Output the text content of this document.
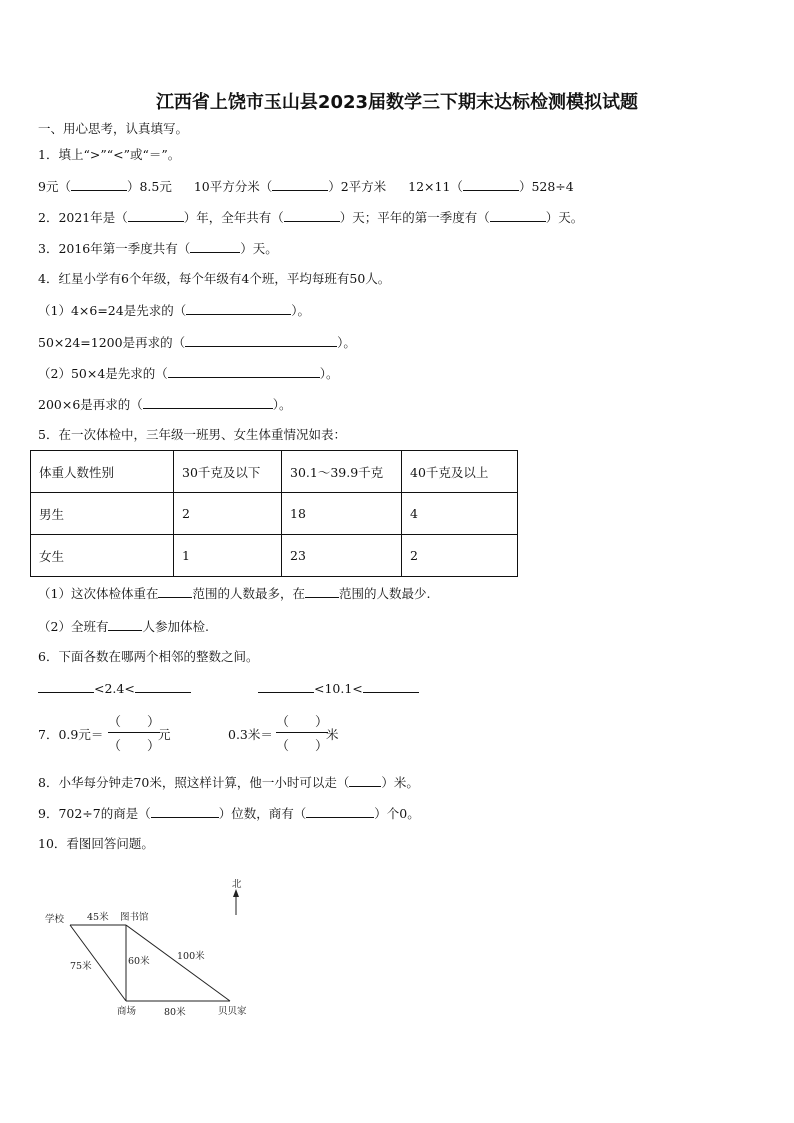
江西省上饶市玉山县2023届数学三下期末达标检测模拟试题
一、用心思考，认真填写。
1．填上“>”“<”或“＝”。
9元（	）8.5元 10平方分米（	）2平方米 12×11（	）528÷4
2．2021年是（	）年，全年共有（	）天；平年的第一季度有（	）天。
3．2016年第一季度共有（	）天。
4．红星小学有6个年级，每个年级有4个班，平均每班有50人。
（1）4×6=24是先求的（	）。
50×24=1200是再求的（	）。
（2）50×4是先求的（	）。
200×6是再求的（	）。
5．在一次体检中，三年级一班男、女生体重情况如表：
体重人数性别	30千克及以下	30.1～39.9千克	40千克及以上
男生	2	18	4
女生	1	23	2
（1）这次体检体重在	范围的人数最多，在	范围的人数最少.
（2）全班有	人参加体检.
6．下面各数在哪两个相邻的整数之间。
<2.4<	<10.1<
7．0.9元＝
（　　）
（　　）
元	0.3米＝
（　　）
（　　）
米
8．小华每分钟走70米，照这样计算，他一小时可以走（	）米。
9．702÷7的商是（	）位数，商有（	）个0。
10．看图回答问题。
北
学校	图书馆
商场	贝贝家
45米
75米	60米	100米
80米
